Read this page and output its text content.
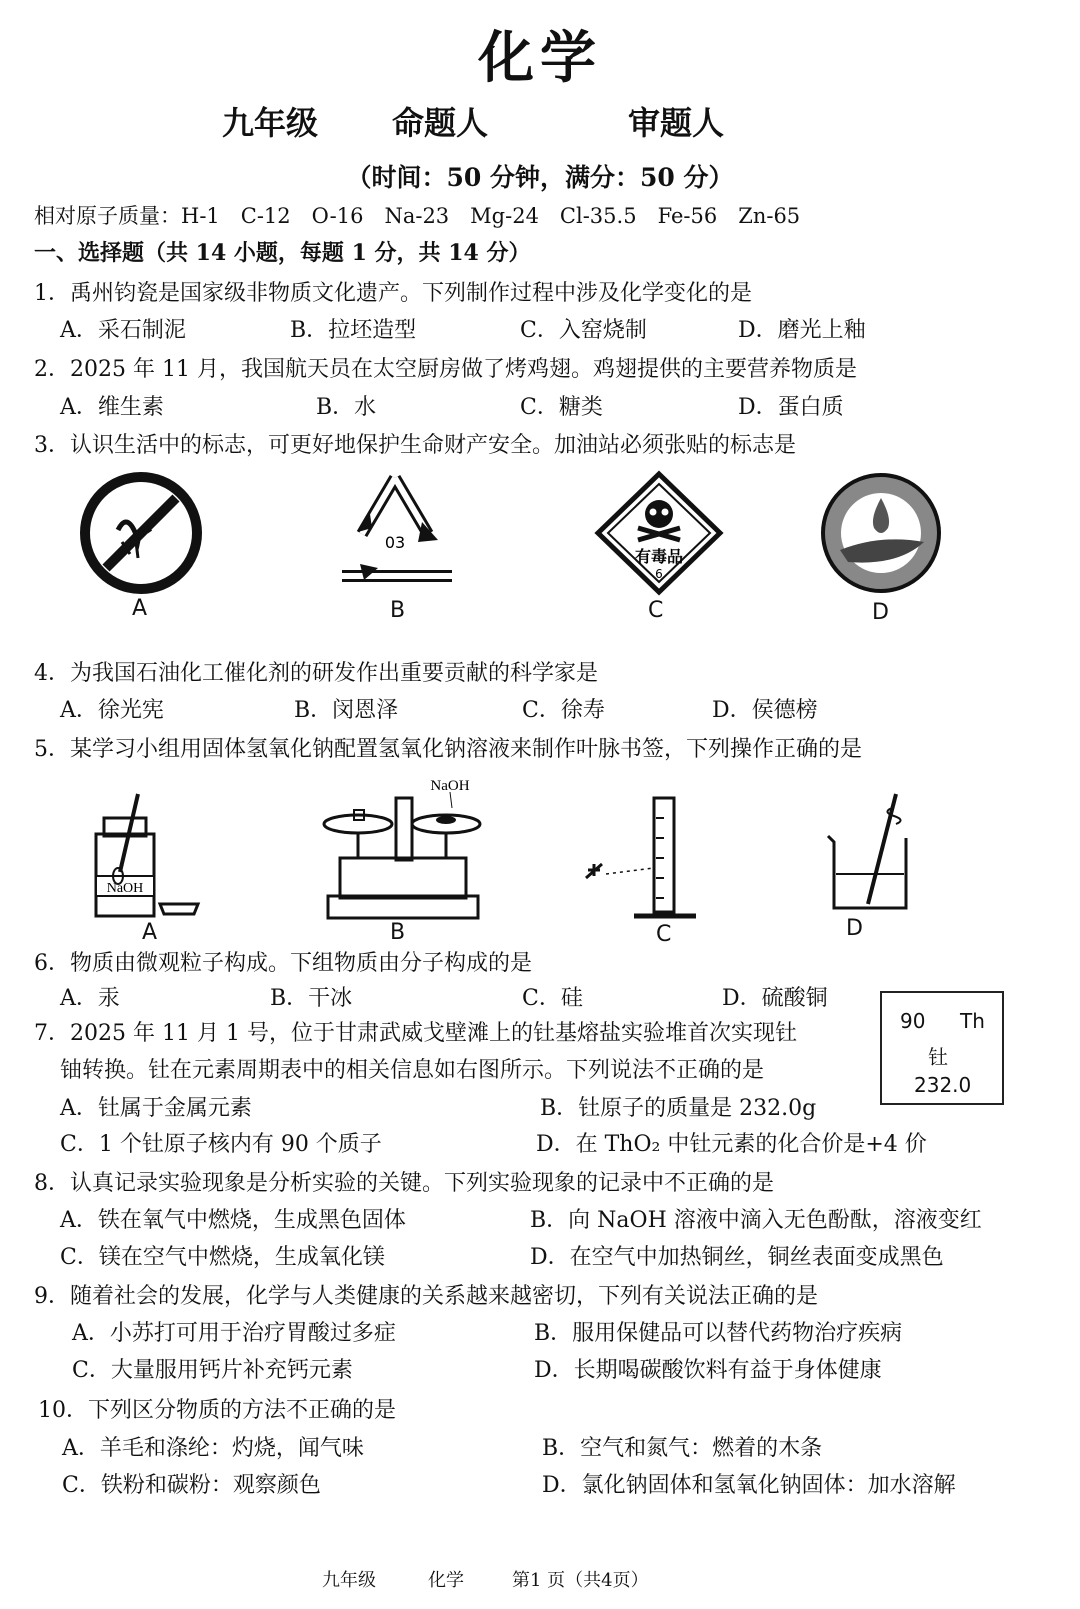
化学
九年级 命题人	审题人
（时间：50 分钟，满分：50 分）
相对原子质量：H-1　C-12　O-16　Na-23　Mg-24　Cl-35.5　Fe-56　Zn-65
一、选择题（共 14 小题，每题 1 分，共 14 分）
1．禹州钧瓷是国家级非物质文化遗产。下列制作过程中涉及化学变化的是
A．采石制泥	B．拉坯造型	C．入窑烧制	D．磨光上釉
2．2025 年 11 月，我国航天员在太空厨房做了烤鸡翅。鸡翅提供的主要营养物质是
A．维生素	B．水	C．糖类	D．蛋白质
3．认识生活中的标志，可更好地保护生命财产安全。加油站必须张贴的标志是
03
有毒品
6
A	B	C	D
4．为我国石油化工催化剂的研发作出重要贡献的科学家是
A．徐光宪	B．闵恩泽	C．徐寿	D．侯德榜
5．某学习小组用固体氢氧化钠配置氢氧化钠溶液来制作叶脉书签，下列操作正确的是
NaOH
NaOH
A	B	C	D
6．物质由微观粒子构成。下组物质由分子构成的是
A．汞	B．干冰	C．硅	D．硫酸铜
90 Th
钍
232.0
7．2025 年 11 月 1 号，位于甘肃武威戈壁滩上的钍基熔盐实验堆首次实现钍
铀转换。钍在元素周期表中的相关信息如右图所示。下列说法不正确的是
A．钍属于金属元素	B．钍原子的质量是 232.0g
C．1 个钍原子核内有 90 个质子	D．在 ThO₂ 中钍元素的化合价是+4 价
8．认真记录实验现象是分析实验的关键。下列实验现象的记录中不正确的是
A．铁在氧气中燃烧，生成黑色固体	B．向 NaOH 溶液中滴入无色酚酞，溶液变红
C．镁在空气中燃烧，生成氧化镁	D．在空气中加热铜丝，铜丝表面变成黑色
9．随着社会的发展，化学与人类健康的关系越来越密切，下列有关说法正确的是
A．小苏打可用于治疗胃酸过多症	B．服用保健品可以替代药物治疗疾病
C．大量服用钙片补充钙元素	D．长期喝碳酸饮料有益于身体健康
10．下列区分物质的方法不正确的是
A．羊毛和涤纶：灼烧，闻气味	B．空气和氮气：燃着的木条
C．铁粉和碳粉：观察颜色	D．氯化钠固体和氢氧化钠固体：加水溶解
九年级	化学	第1 页（共4页）
